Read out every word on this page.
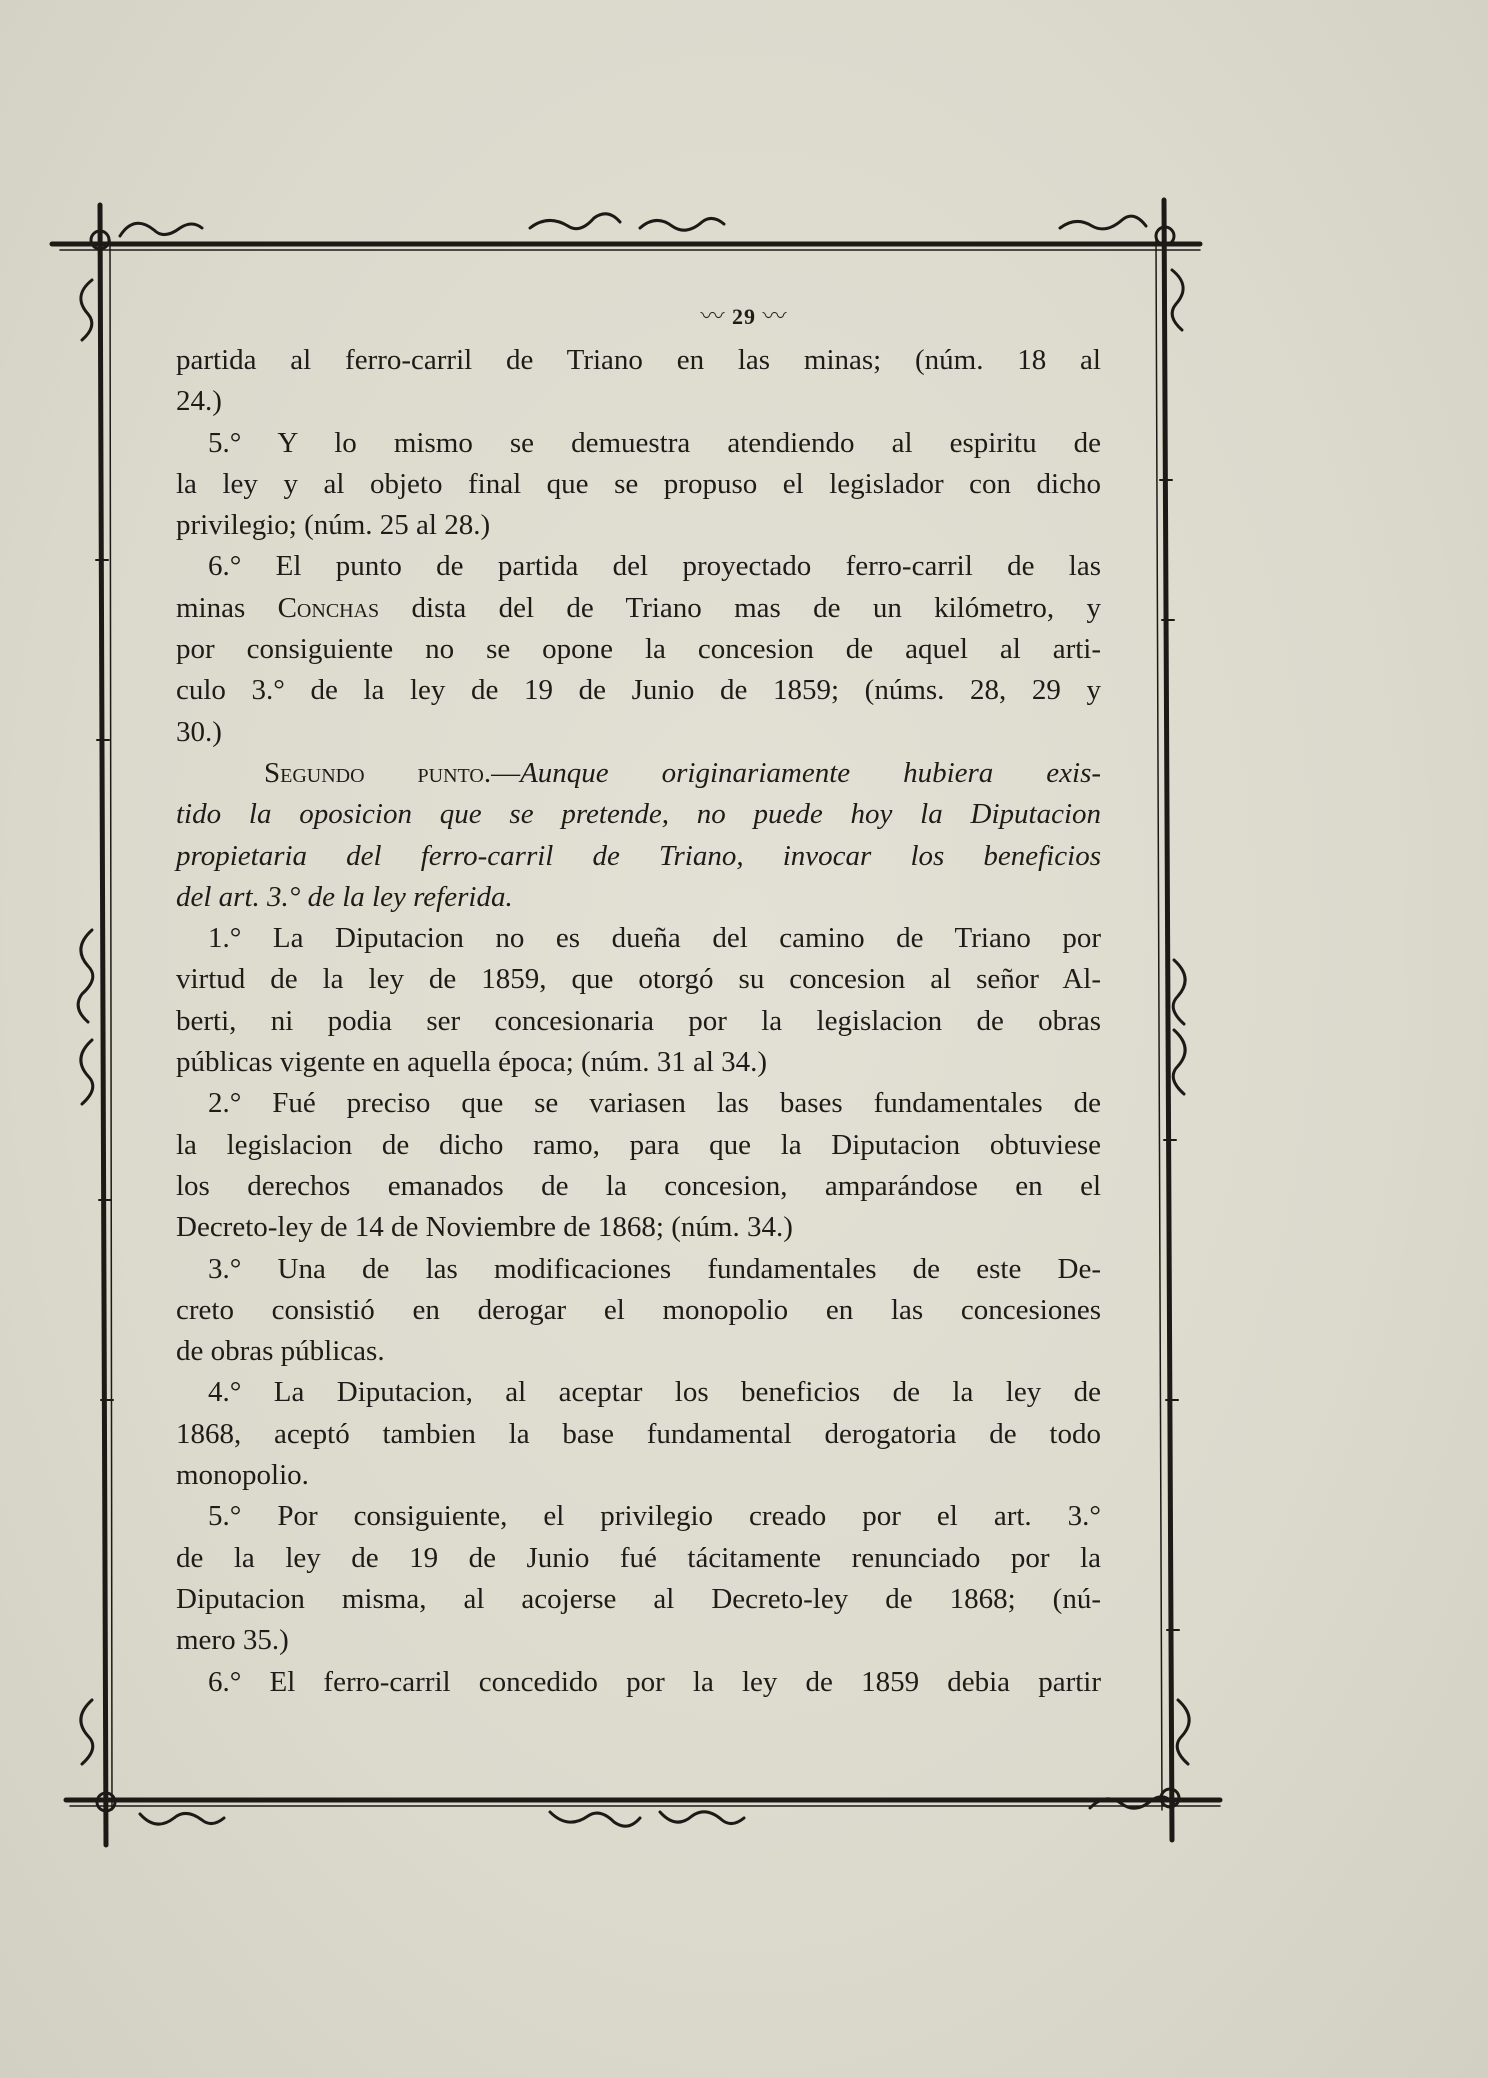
〰 29 〰
partida al ferro-carril de Triano en las minas; (núm. 18 al
24.)
5.° Y lo mismo se demuestra atendiendo al espiritu de
la ley y al objeto final que se propuso el legislador con dicho
privilegio; (núm. 25 al 28.)
6.° El punto de partida del proyectado ferro-carril de las
minas Conchas dista del de Triano mas de un kilómetro, y
por consiguiente no se opone la concesion de aquel al arti-
culo 3.° de la ley de 19 de Junio de 1859; (núms. 28, 29 y
30.)
Segundo punto.—Aunque originariamente hubiera exis-
tido la oposicion que se pretende, no puede hoy la Diputacion
propietaria del ferro-carril de Triano, invocar los beneficios
del art. 3.° de la ley referida.
1.° La Diputacion no es dueña del camino de Triano por
virtud de la ley de 1859, que otorgó su concesion al señor Al-
berti, ni podia ser concesionaria por la legislacion de obras
públicas vigente en aquella época; (núm. 31 al 34.)
2.° Fué preciso que se variasen las bases fundamentales de
la legislacion de dicho ramo, para que la Diputacion obtuviese
los derechos emanados de la concesion, amparándose en el
Decreto-ley de 14 de Noviembre de 1868; (núm. 34.)
3.° Una de las modificaciones fundamentales de este De-
creto consistió en derogar el monopolio en las concesiones
de obras públicas.
4.° La Diputacion, al aceptar los beneficios de la ley de
1868, aceptó tambien la base fundamental derogatoria de todo
monopolio.
5.° Por consiguiente, el privilegio creado por el art. 3.°
de la ley de 19 de Junio fué tácitamente renunciado por la
Diputacion misma, al acojerse al Decreto-ley de 1868; (nú-
mero 35.)
6.° El ferro-carril concedido por la ley de 1859 debia partir
